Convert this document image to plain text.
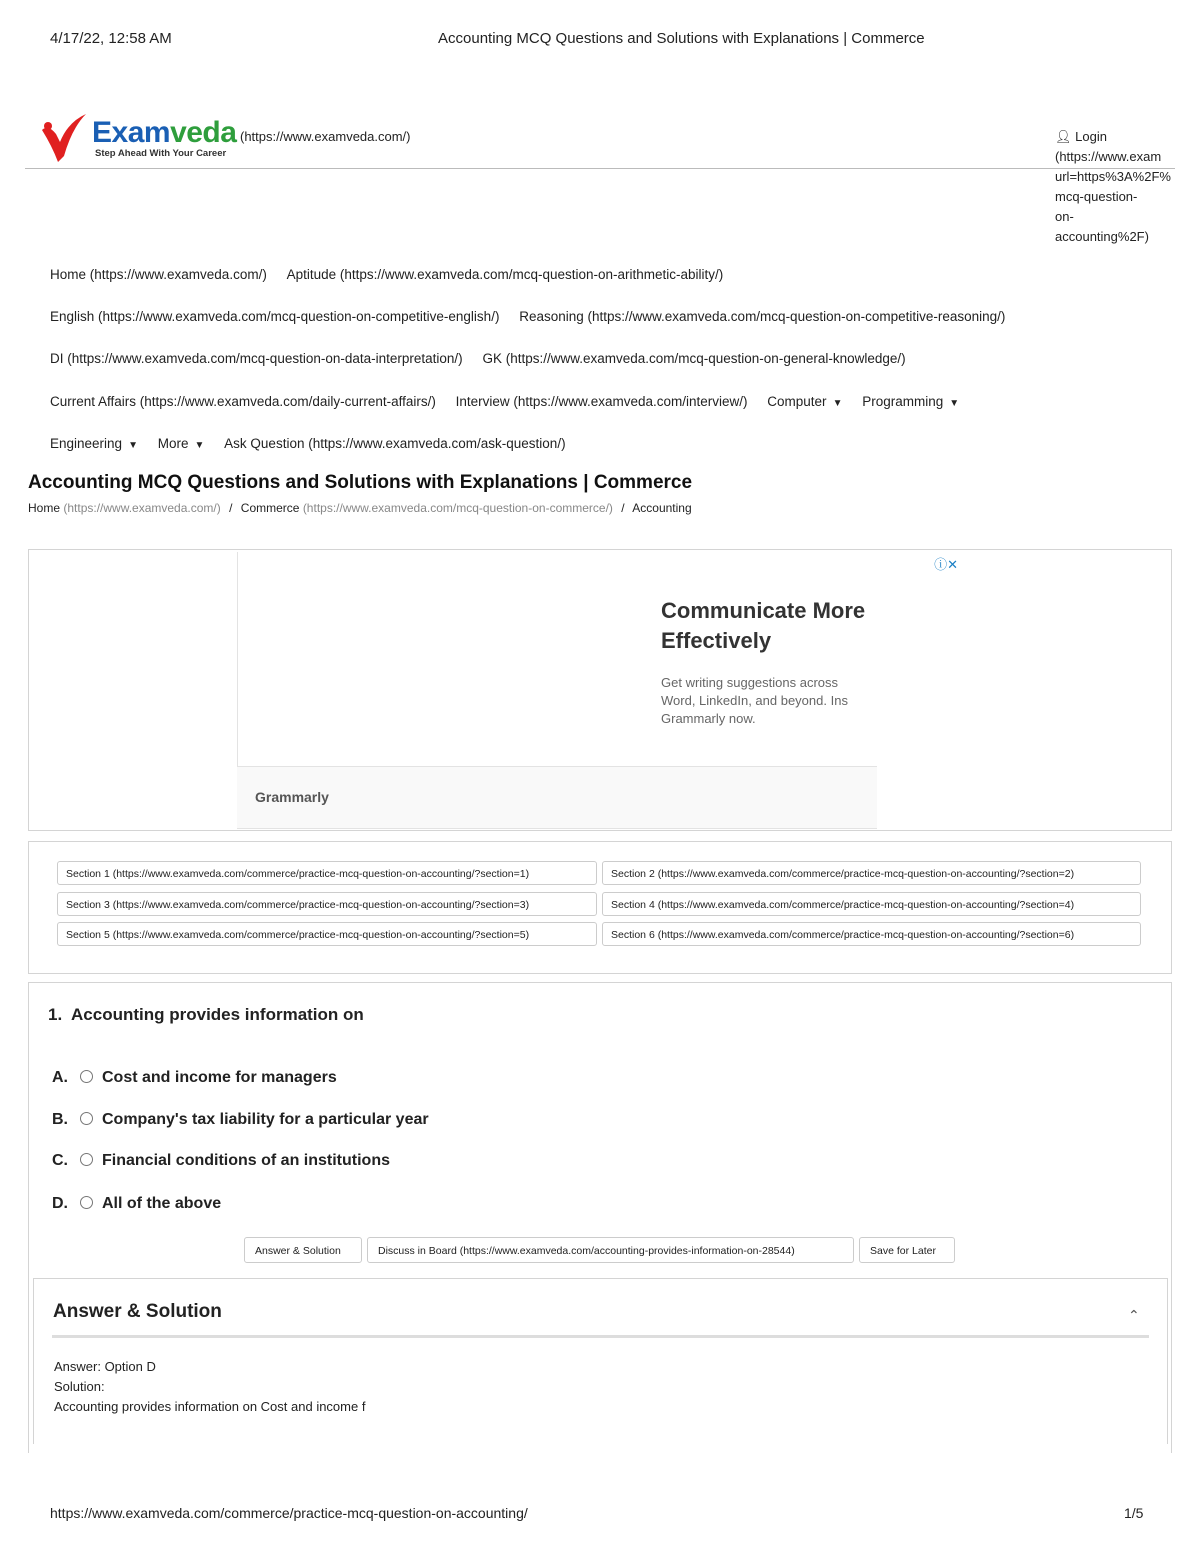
4/17/22, 12:58 AM	Accounting MCQ Questions and Solutions with Explanations | Commerce
Examveda
Step Ahead With Your Career
(https://www.examveda.com/)	👤︎ Login
(https://www.exam
url=https%3A%2F%
mcq-question-
on-
accounting%2F)
Home (https://www.examveda.com/) Aptitude (https://www.examveda.com/mcq-question-on-arithmetic-ability/)
English (https://www.examveda.com/mcq-question-on-competitive-english/) Reasoning (https://www.examveda.com/mcq-question-on-competitive-reasoning/)
DI (https://www.examveda.com/mcq-question-on-data-interpretation/) GK (https://www.examveda.com/mcq-question-on-general-knowledge/)
Current Affairs (https://www.examveda.com/daily-current-affairs/) Interview (https://www.examveda.com/interview/) Computer ▼ Programming ▼
Engineering ▼ More ▼ Ask Question (https://www.examveda.com/ask-question/)
Accounting MCQ Questions and Solutions with Explanations | Commerce
Home (https://www.examveda.com/) / Commerce (https://www.examveda.com/mcq-question-on-commerce/) / Accounting
ⓘ✕
Communicate More
Effectively
Get writing suggestions across
Word, LinkedIn, and beyond. Ins
Grammarly now.
Grammarly
Section 1 (https://www.examveda.com/commerce/practice-mcq-question-on-accounting/?section=1)	Section 2 (https://www.examveda.com/commerce/practice-mcq-question-on-accounting/?section=2)
Section 3 (https://www.examveda.com/commerce/practice-mcq-question-on-accounting/?section=3)	Section 4 (https://www.examveda.com/commerce/practice-mcq-question-on-accounting/?section=4)
Section 5 (https://www.examveda.com/commerce/practice-mcq-question-on-accounting/?section=5)	Section 6 (https://www.examveda.com/commerce/practice-mcq-question-on-accounting/?section=6)
1. Accounting provides information on
A. Cost and income for managers
B. Company's tax liability for a particular year
C. Financial conditions of an institutions
D. All of the above
Answer & Solution	Discuss in Board (https://www.examveda.com/accounting-provides-information-on-28544)	Save for Later
Answer & Solution	⌃
Answer: Option D
Solution:
Accounting provides information on Cost and income f
https://www.examveda.com/commerce/practice-mcq-question-on-accounting/	1/5
